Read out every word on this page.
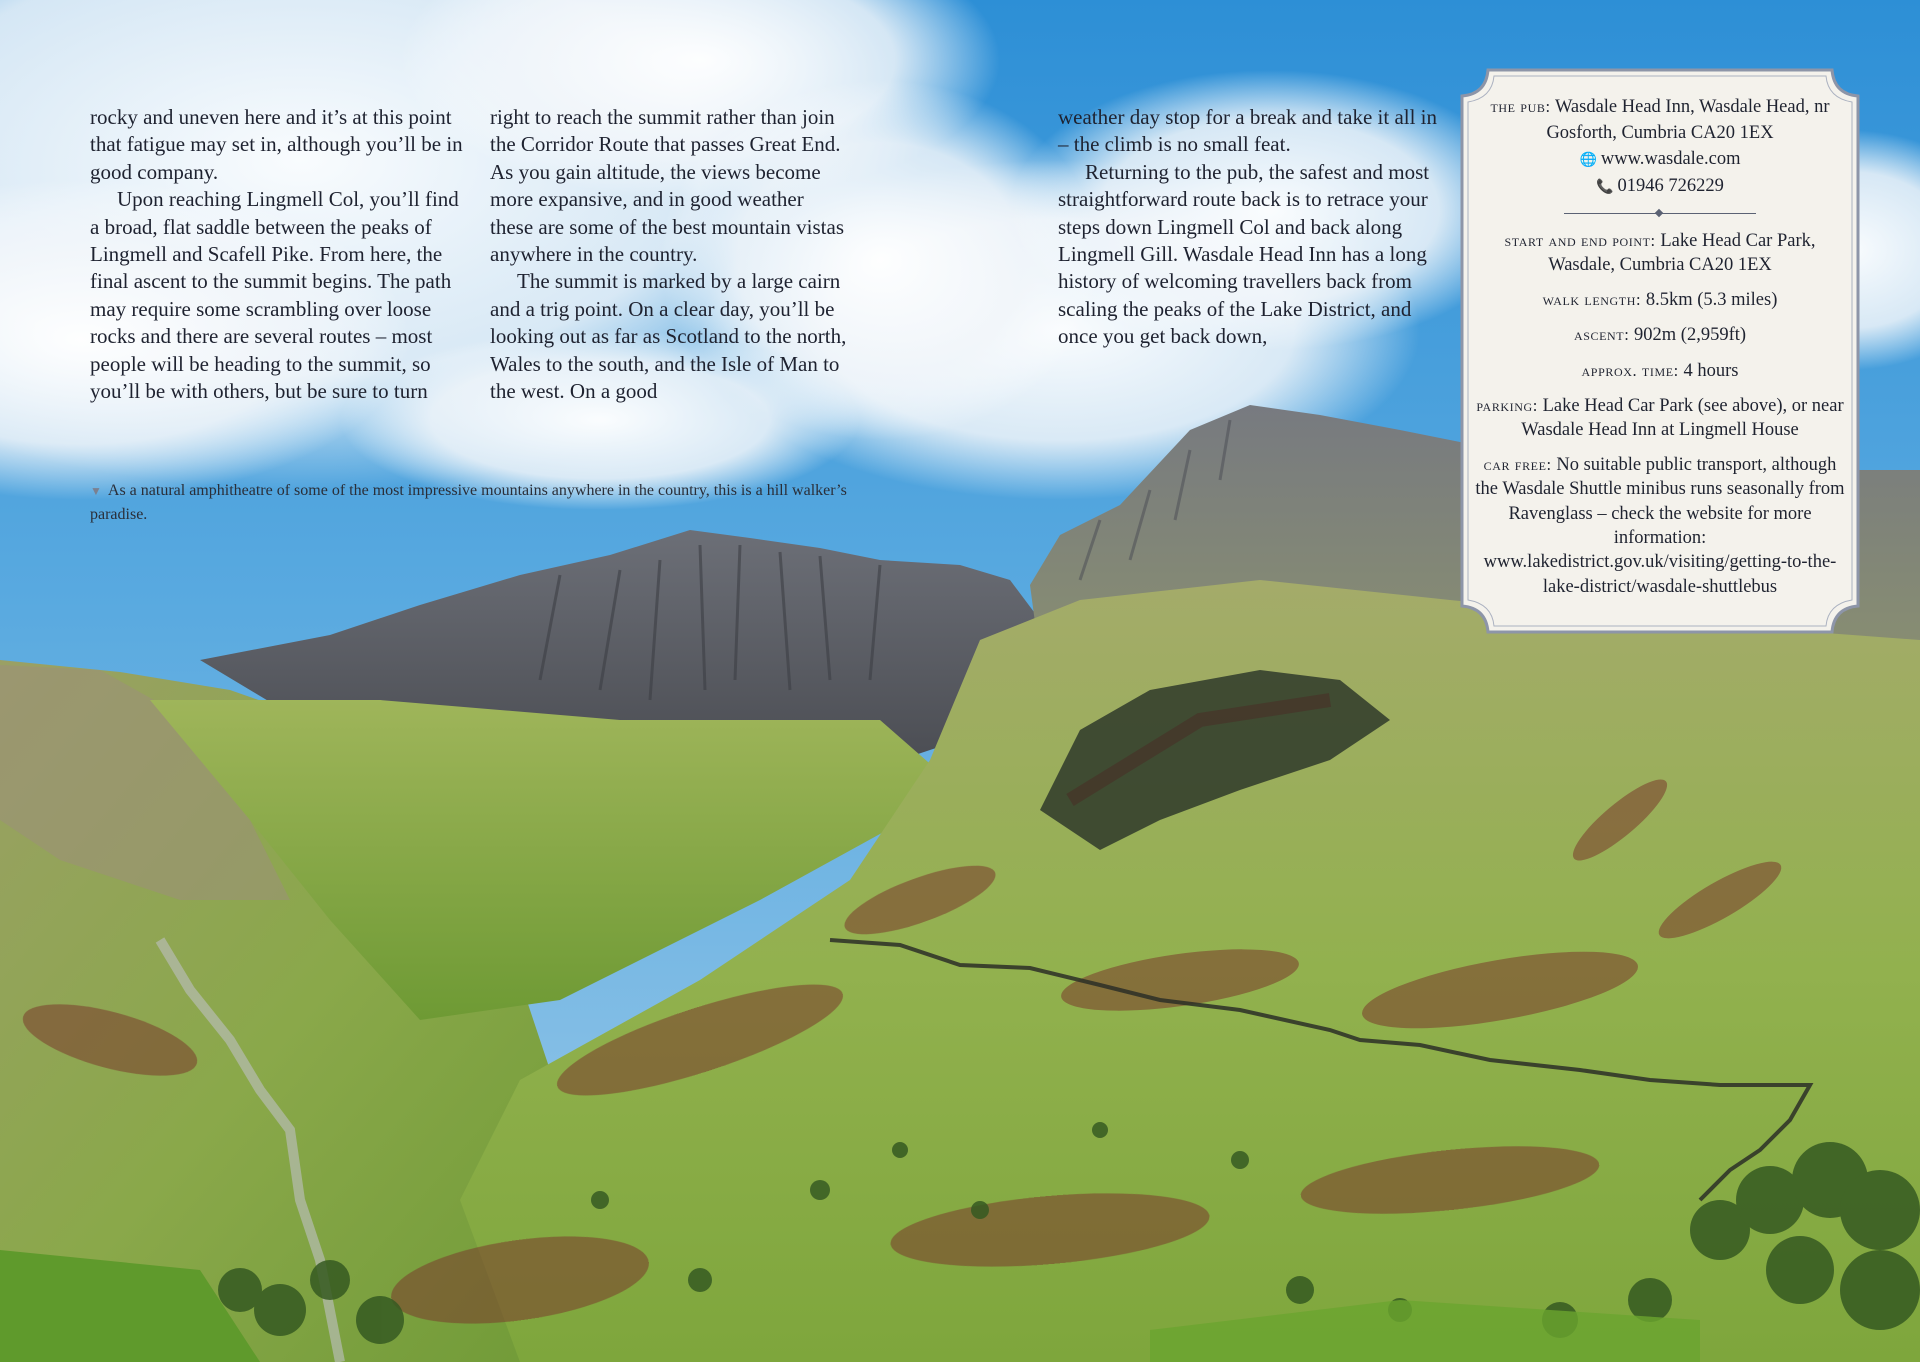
rocky and uneven here and it’s at this point that fatigue may set in, although you’ll be in good company.

Upon reaching Lingmell Col, you’ll find a broad, flat saddle between the peaks of Lingmell and Scafell Pike. From here, the final ascent to the summit begins. The path may require some scrambling over loose rocks and there are several routes – most people will be heading to the summit, so you’ll be with others, but be sure to turn

right to reach the summit rather than join the Corridor Route that passes Great End. As you gain altitude, the views become more expansive, and in good weather these are some of the best mountain vistas anywhere in the country.

The summit is marked by a large cairn and a trig point. On a clear day, you’ll be looking out as far as Scotland to the north, Wales to the south, and the Isle of Man to the west. On a good

weather day stop for a break and take it all in – the climb is no small feat.

Returning to the pub, the safest and most straightforward route back is to retrace your steps down Lingmell Col and back along Lingmell Gill. Wasdale Head Inn has a long history of welcoming travellers back from scaling the peaks of the Lake District, and once you get back down,

▼ As a natural amphitheatre of some of the most impressive mountains anywhere in the country, this is a hill walker’s paradise.
the pub: Wasdale Head Inn, Wasdale Head, nr Gosforth, Cumbria CA20 1EX
🌐 www.wasdale.com
📞 01946 726229

start and end point: Lake Head Car Park, Wasdale, Cumbria CA20 1EX

walk length: 8.5km (5.3 miles)

ascent: 902m (2,959ft)

approx. time: 4 hours

parking: Lake Head Car Park (see above), or near Wasdale Head Inn at Lingmell House

car free: No suitable public transport, although the Wasdale Shuttle minibus runs seasonally from Ravenglass – check the website for more information: www.lakedistrict.gov.uk/visiting/getting-to-the-lake-district/wasdale-shuttlebus
